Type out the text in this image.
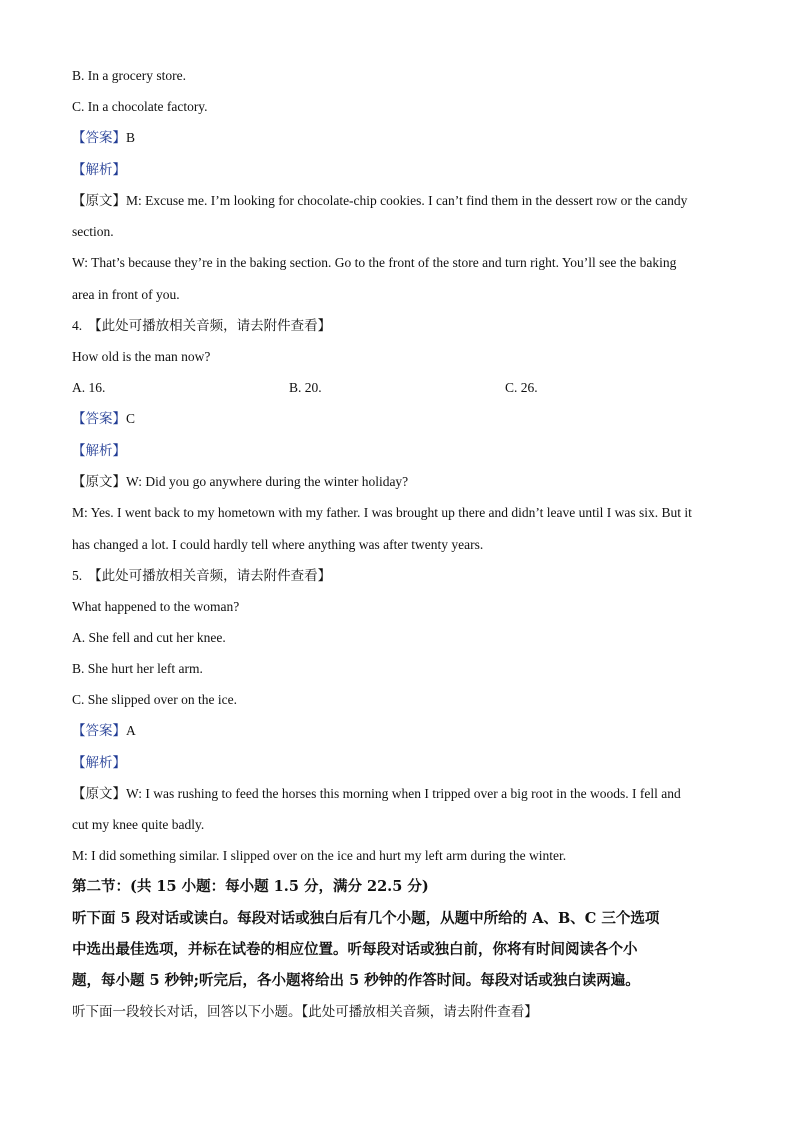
B. In a grocery store.
C. In a chocolate factory.
【答案】B
【解析】
【原文】M: Excuse me. I’m looking for chocolate-chip cookies. I can’t find them in the dessert row or the candy
section.
W: That’s because they’re in the baking section. Go to the front of the store and turn right. You’ll see the baking
area in front of you.
4. 【此处可播放相关音频，请去附件查看】
How old is the man now?
A. 16.	B. 20.	C. 26.
【答案】C
【解析】
【原文】W: Did you go anywhere during the winter holiday?
M: Yes. I went back to my hometown with my father. I was brought up there and didn’t leave until I was six. But it
has changed a lot. I could hardly tell where anything was after twenty years.
5. 【此处可播放相关音频，请去附件查看】
What happened to the woman?
A. She fell and cut her knee.
B. She hurt her left arm.
C. She slipped over on the ice.
【答案】A
【解析】
【原文】W: I was rushing to feed the horses this morning when I tripped over a big root in the woods. I fell and
cut my knee quite badly.
M: I did something similar. I slipped over on the ice and hurt my left arm during the winter.
第二节：(共 15 小题：每小题 1.5 分，满分 22.5 分)
听下面 5 段对话或读白。每段对话或独白后有几个小题，从题中所给的 A、B、C 三个选项
中选出最佳选项，并标在试卷的相应位置。听每段对话或独白前，你将有时间阅读各个小
题，每小题 5 秒钟;听完后，各小题将给出 5 秒钟的作答时间。每段对话或独白读两遍。
听下面一段较长对话，回答以下小题。【此处可播放相关音频，请去附件查看】
